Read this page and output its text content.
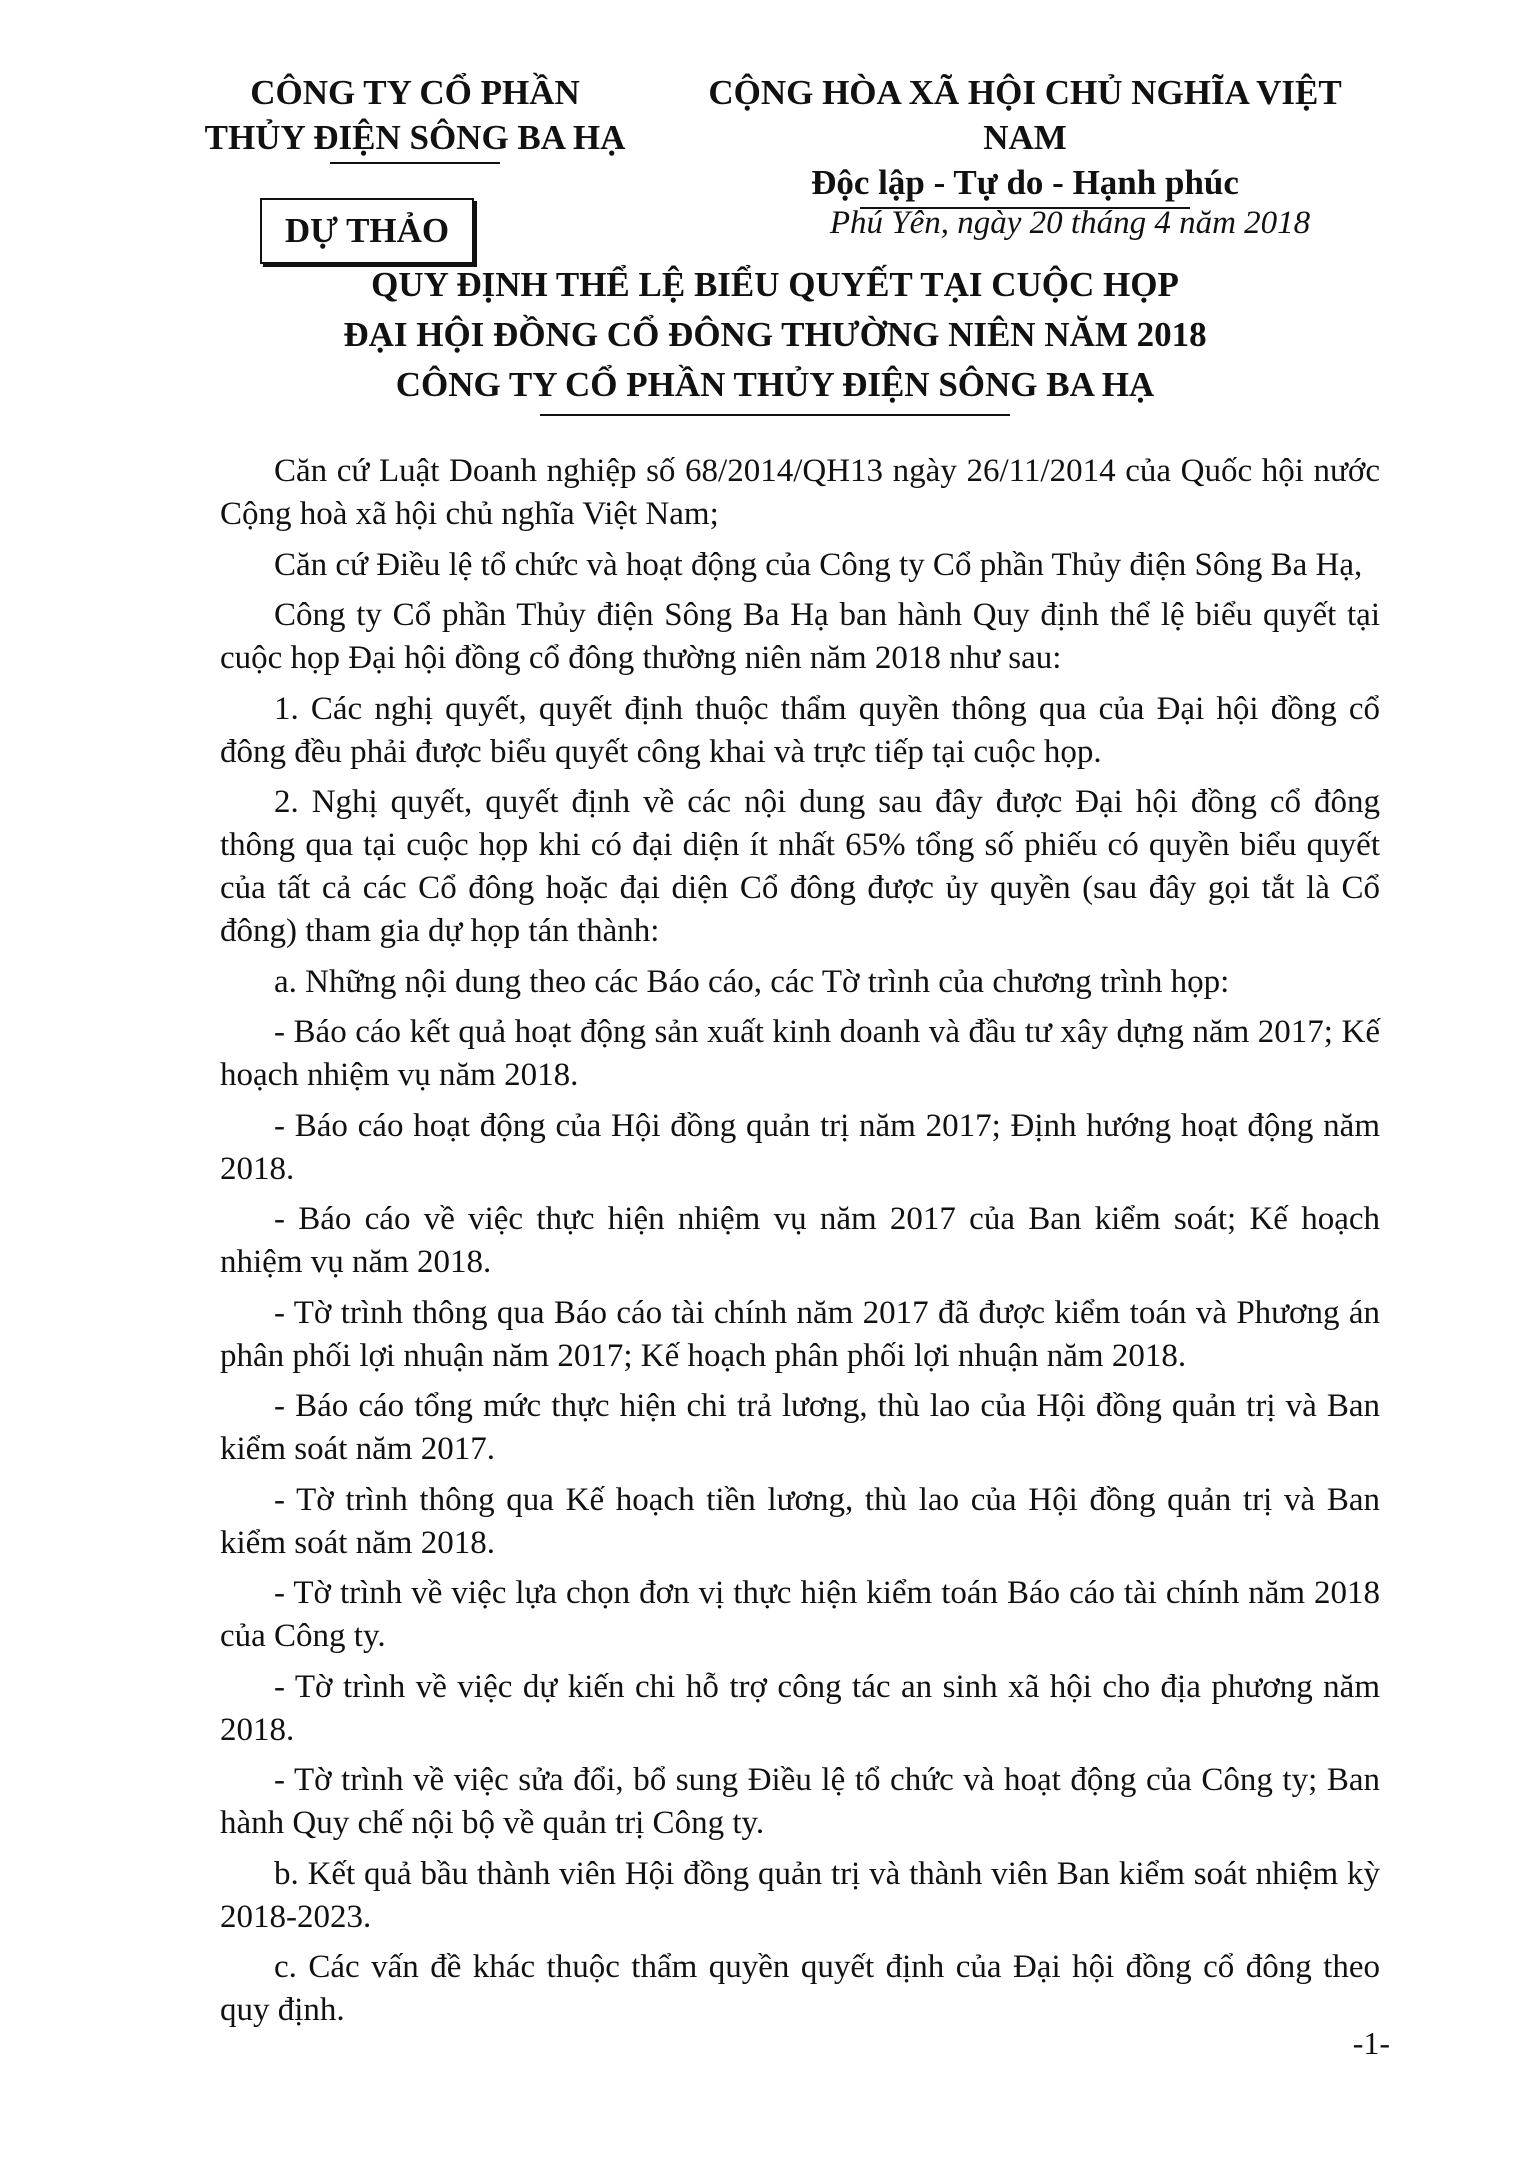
CÔNG TY CỔ PHẦN
THỦY ĐIỆN SÔNG BA HẠ
CỘNG HÒA XÃ HỘI CHỦ NGHĨA VIỆT NAM
Độc lập - Tự do - Hạnh phúc
DỰ THẢO	Phú Yên, ngày 20 tháng 4 năm 2018
QUY ĐỊNH THỂ LỆ BIỂU QUYẾT TẠI CUỘC HỌP
ĐẠI HỘI ĐỒNG CỔ ĐÔNG THƯỜNG NIÊN NĂM 2018
CÔNG TY CỔ PHẦN THỦY ĐIỆN SÔNG BA HẠ

Căn cứ Luật Doanh nghiệp số 68/2014/QH13 ngày 26/11/2014 của Quốc hội nước Cộng hoà xã hội chủ nghĩa Việt Nam;

Căn cứ Điều lệ tổ chức và hoạt động của Công ty Cổ phần Thủy điện Sông Ba Hạ,

Công ty Cổ phần Thủy điện Sông Ba Hạ ban hành Quy định thể lệ biểu quyết tại cuộc họp Đại hội đồng cổ đông thường niên năm 2018 như sau:

1. Các nghị quyết, quyết định thuộc thẩm quyền thông qua của Đại hội đồng cổ đông đều phải được biểu quyết công khai và trực tiếp tại cuộc họp.

2. Nghị quyết, quyết định về các nội dung sau đây được Đại hội đồng cổ đông thông qua tại cuộc họp khi có đại diện ít nhất 65% tổng số phiếu có quyền biểu quyết của tất cả các Cổ đông hoặc đại diện Cổ đông được ủy quyền (sau đây gọi tắt là Cổ đông) tham gia dự họp tán thành:

a. Những nội dung theo các Báo cáo, các Tờ trình của chương trình họp:

- Báo cáo kết quả hoạt động sản xuất kinh doanh và đầu tư xây dựng năm 2017; Kế hoạch nhiệm vụ năm 2018.

- Báo cáo hoạt động của Hội đồng quản trị năm 2017; Định hướng hoạt động năm 2018.

- Báo cáo về việc thực hiện nhiệm vụ năm 2017 của Ban kiểm soát; Kế hoạch nhiệm vụ năm 2018.

- Tờ trình thông qua Báo cáo tài chính năm 2017 đã được kiểm toán và Phương án phân phối lợi nhuận năm 2017; Kế hoạch phân phối lợi nhuận năm 2018.

- Báo cáo tổng mức thực hiện chi trả lương, thù lao của Hội đồng quản trị và Ban kiểm soát năm 2017.

- Tờ trình thông qua Kế hoạch tiền lương, thù lao của Hội đồng quản trị và Ban kiểm soát năm 2018.

- Tờ trình về việc lựa chọn đơn vị thực hiện kiểm toán Báo cáo tài chính năm 2018 của Công ty.

- Tờ trình về việc dự kiến chi hỗ trợ công tác an sinh xã hội cho địa phương năm 2018.

- Tờ trình về việc sửa đổi, bổ sung Điều lệ tổ chức và hoạt động của Công ty; Ban hành Quy chế nội bộ về quản trị Công ty.

b. Kết quả bầu thành viên Hội đồng quản trị và thành viên Ban kiểm soát nhiệm kỳ 2018-2023.

c. Các vấn đề khác thuộc thẩm quyền quyết định của Đại hội đồng cổ đông theo quy định.

-1-
